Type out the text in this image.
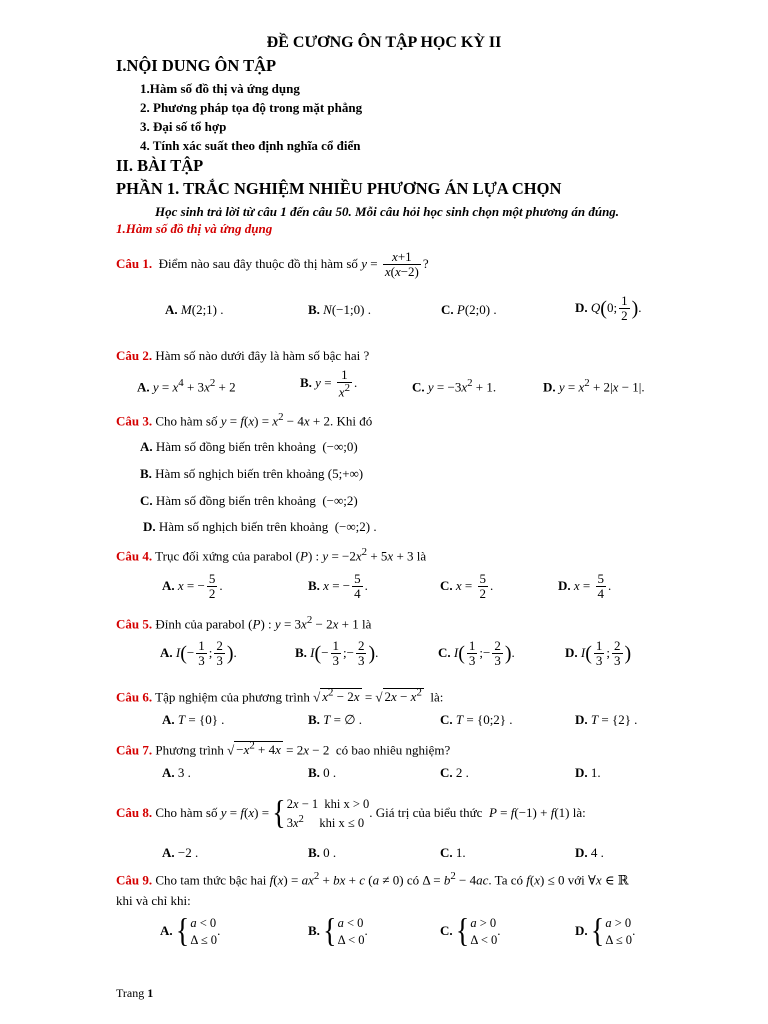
ĐỀ CƯƠNG ÔN TẬP HỌC KỲ II
I.NỘI DUNG ÔN TẬP
1.Hàm số đồ thị và ứng dụng
2. Phương pháp tọa độ trong mặt phẳng
3. Đại số tổ hợp
4. Tính xác suất theo định nghĩa cổ điển
II. BÀI TẬP
PHẦN 1. TRẮC NGHIỆM NHIỀU PHƯƠNG ÁN LỰA CHỌN
Học sinh trả lời từ câu 1 đến câu 50. Mỗi câu hỏi học sinh chọn một phương án đúng.
1.Hàm số đồ thị và ứng dụng
Câu 1. Điểm nào sau đây thuộc đồ thị hàm số $y = \frac{x+1}{x(x-2)}$ ?
A. M(2;1) .	B. N(−1;0) .	C. P(2;0) .	D. Q(0; $\frac{1}{2}$ ).
Câu 2. Hàm số nào dưới đây là hàm số bậc hai ?
A. $y = x^4 + 3x^2 + 2$	B. $y = \frac{1}{x^2}$ .	C. $y = -3x^2 + 1$.	D. $y = x^2 + 2|x - 1|$.
Câu 3. Cho hàm số $y = f(x) = x^2 - 4x + 2$. Khi đó
A. Hàm số đồng biến trên khoảng  (−∞;0)
B. Hàm số nghịch biến trên khoảng (5;+∞)
C. Hàm số đồng biến trên khoảng  (−∞;2)
D. Hàm số nghịch biến trên khoảng  (−∞;2) .
Câu 4. Trục đối xứng của parabol (P) : $y = -2x^2 + 5x + 3$ là
A. x = − $\frac{5}{2}$ .	B. x = − $\frac{5}{4}$ .	C. $x = \frac{5}{2}$ .	D. $x = \frac{5}{4}$ .
Câu 5. Đỉnh của parabol (P) : $y = 3x^2 - 2x + 1$ là
A. $I(- \frac{1}{3}$ ; $\frac{2}{3}$ ).	B. $I(- \frac{1}{3}$ ;− $\frac{2}{3}$ ).	C. $I( \frac{1}{3}$ ;− $\frac{2}{3}$ ).	D. $I( \frac{1}{3}$ ; $\frac{2}{3}$ )
Câu 6. Tập nghiệm của phương trình √ $x^2 - 2x$ = √ $2x - x^2$ là:
A. T = {0} .	B. T = ∅ .	C. T = {0;2} .	D. T = {2} .
Câu 7. Phương trình √ $-x^2 + 4x = 2x - 2$  có bao nhiêu nghiệm?
A. 3 .	B. 0 .	C. 2 .	D. 1.
Câu 8. Cho hàm số y = f(x) = {2x − 1  khi x > 0
$3x^2$ khi x ≤ 0. Giá trị của biểu thức P = f(−1) + f(1) là:
A. −2 .	B. 0 .	C. 1.	D. 4 .
Câu 9. Cho tam thức bậc hai $f(x) = ax^2$ + bx + c (a ≠ 0) có $\Delta = b^2 - 4ac$. Ta có f(x) ≤ 0 với ∀x ∈ ℝ
khi và chỉ khi:
A. {a < 0
Δ ≤ 0.	B. {a < 0
Δ < 0.	C. {a > 0
Δ < 0.	D. {a > 0
Δ ≤ 0.
Trang 1
